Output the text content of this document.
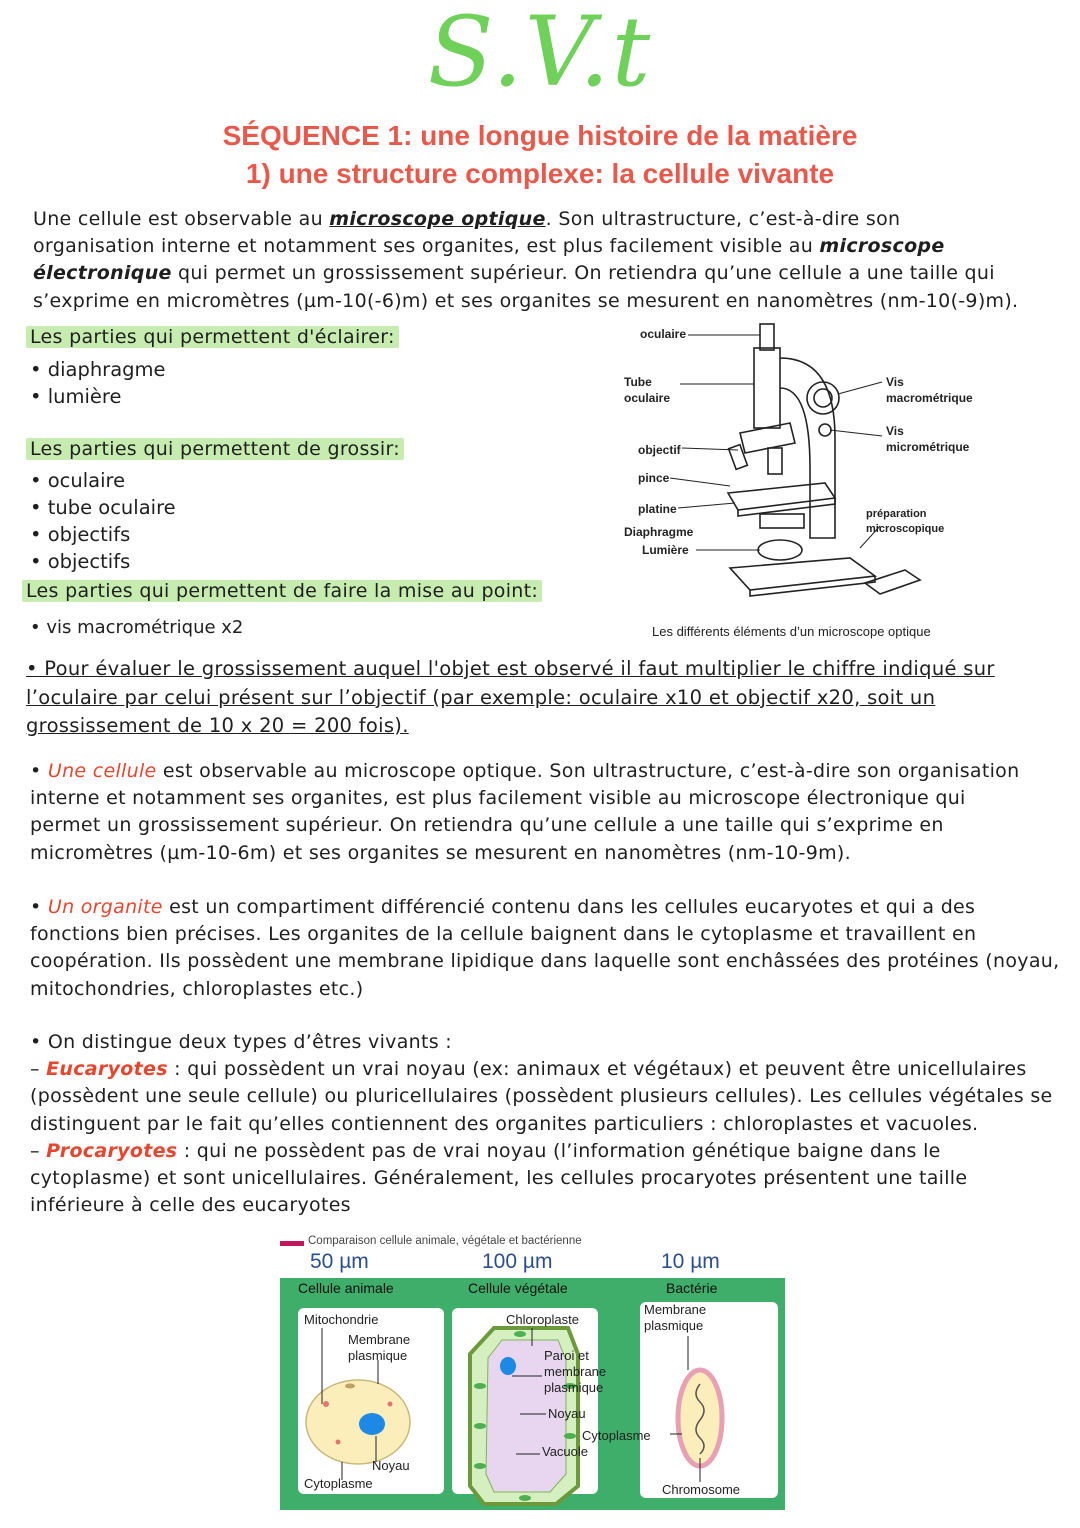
S.V.t
SÉQUENCE 1: une longue histoire de la matière
1) une structure complexe: la cellule vivante
Une cellule est observable au microscope optique. Son ultrastructure, c’est-à-dire son organisation interne et notamment ses organites, est plus facilement visible au microscope électronique qui permet un grossissement supérieur. On retiendra qu’une cellule a une taille qui s’exprime en micromètres (µm-10(-6)m) et ses organites se mesurent en nanomètres (nm-10(-9)m).
Les parties qui permettent d'éclairer:
• diaphragme
• lumière
Les parties qui permettent de grossir:
• oculaire
• tube oculaire
• objectifs
• objectifs
Les parties qui permettent de faire la mise au point:
• vis macrométrique x2
oculaire
Tube
oculaire
objectif
pince
platine
Diaphragme
Lumière
Vis
macrométrique
Vis
micrométrique
préparation
microscopique
Les différents éléments d’un microscope optique
• Pour évaluer le grossissement auquel l'objet est observé il faut multiplier le chiffre indiqué sur l’oculaire par celui présent sur l’objectif (par exemple: oculaire x10 et objectif x20, soit un grossissement de 10 x 20 = 200 fois).
• Une cellule est observable au microscope optique. Son ultrastructure, c’est-à-dire son organisation interne et notamment ses organites, est plus facilement visible au microscope électronique qui permet un grossissement supérieur. On retiendra qu’une cellule a une taille qui s’exprime en micromètres (µm-10-6m) et ses organites se mesurent en nanomètres (nm-10-9m).
• Un organite est un compartiment différencié contenu dans les cellules eucaryotes et qui a des fonctions bien précises. Les organites de la cellule baignent dans le cytoplasme et travaillent en coopération. Ils possèdent une membrane lipidique dans laquelle sont enchâssées des protéines (noyau, mitochondries, chloroplastes etc.)
• On distingue deux types d’êtres vivants :
– Eucaryotes : qui possèdent un vrai noyau (ex: animaux et végétaux) et peuvent être unicellulaires (possèdent une seule cellule) ou pluricellulaires (possèdent plusieurs cellules). Les cellules végétales se distinguent par le fait qu’elles contiennent des organites particuliers : chloroplastes et vacuoles.
– Procaryotes : qui ne possèdent pas de vrai noyau (l’information génétique baigne dans le cytoplasme) et sont unicellulaires. Généralement, les cellules procaryotes présentent une taille inférieure à celle des eucaryotes
Comparaison cellule animale, végétale et bactérienne
50 µm	100 µm	10 µm
Cellule animale	Cellule végétale	Bactérie
Mitochondrie
Membrane
plasmique
Noyau
Cytoplasme
Chloroplaste
Paroi et
membrane
plasmique
Noyau
Cytoplasme
Vacuole
Membrane
plasmique
Chromosome
